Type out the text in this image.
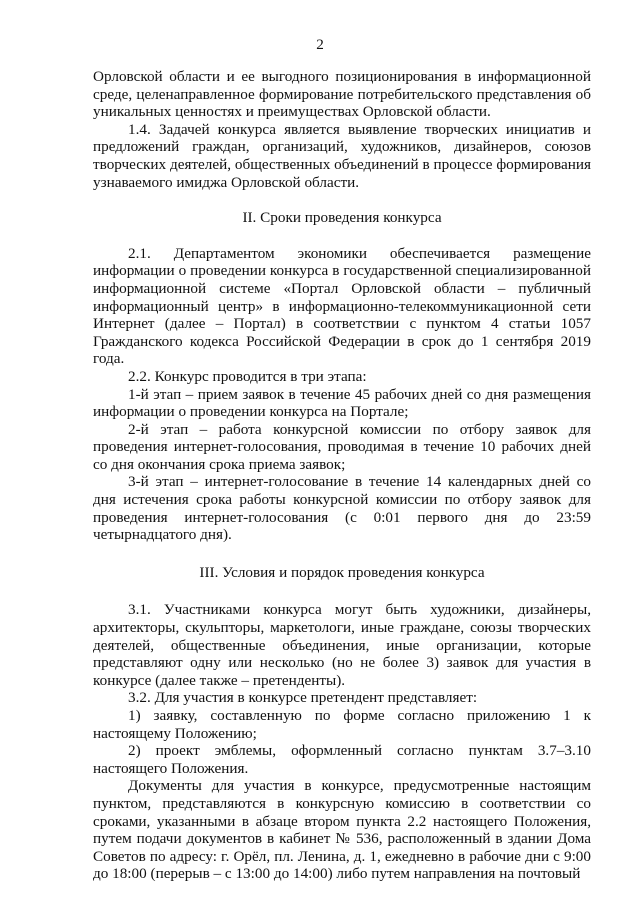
2

Орловской области и ее выгодного позиционирования в информационной среде, целенаправленное формирование потребительского представления об уникальных ценностях и преимуществах Орловской области.

1.4. Задачей конкурса является выявление творческих инициатив и предложений граждан, организаций, художников, дизайнеров, союзов творческих деятелей, общественных объединений в процессе формирования узнаваемого имиджа Орловской области.

II. Сроки проведения конкурса

2.1. Департаментом экономики обеспечивается размещение информации о проведении конкурса в государственной специализированной информационной системе «Портал Орловской области – публичный информационный центр» в информационно-телекоммуникационной сети Интернет (далее – Портал) в соответствии с пунктом 4 статьи 1057 Гражданского кодекса Российской Федерации в срок до 1 сентября 2019 года.

2.2. Конкурс проводится в три этапа:

1-й этап – прием заявок в течение 45 рабочих дней со дня размещения информации о проведении конкурса на Портале;

2-й этап – работа конкурсной комиссии по отбору заявок для проведения интернет-голосования, проводимая в течение 10 рабочих дней со дня окончания срока приема заявок;

3-й этап – интернет-голосование в течение 14 календарных дней со дня истечения срока работы конкурсной комиссии по отбору заявок для проведения интернет-голосования (с 0:01 первого дня до 23:59 четырнадцатого дня).

III. Условия и порядок проведения конкурса

3.1. Участниками конкурса могут быть художники, дизайнеры, архитекторы, скульпторы, маркетологи, иные граждане, союзы творческих деятелей, общественные объединения, иные организации, которые представляют одну или несколько (но не более 3) заявок для участия в конкурсе (далее также – претенденты).

3.2. Для участия в конкурсе претендент представляет:

1) заявку, составленную по форме согласно приложению 1 к настоящему Положению;

2) проект эмблемы, оформленный согласно пунктам 3.7–3.10 настоящего Положения.

Документы для участия в конкурсе, предусмотренные настоящим пунктом, представляются в конкурсную комиссию в соответствии со сроками, указанными в абзаце втором пункта 2.2 настоящего Положения, путем подачи документов в кабинет № 536, расположенный в здании Дома Советов по адресу: г. Орёл, пл. Ленина, д. 1, ежедневно в рабочие дни с 9:00 до 18:00 (перерыв – с 13:00 до 14:00) либо путем направления на почтовый
